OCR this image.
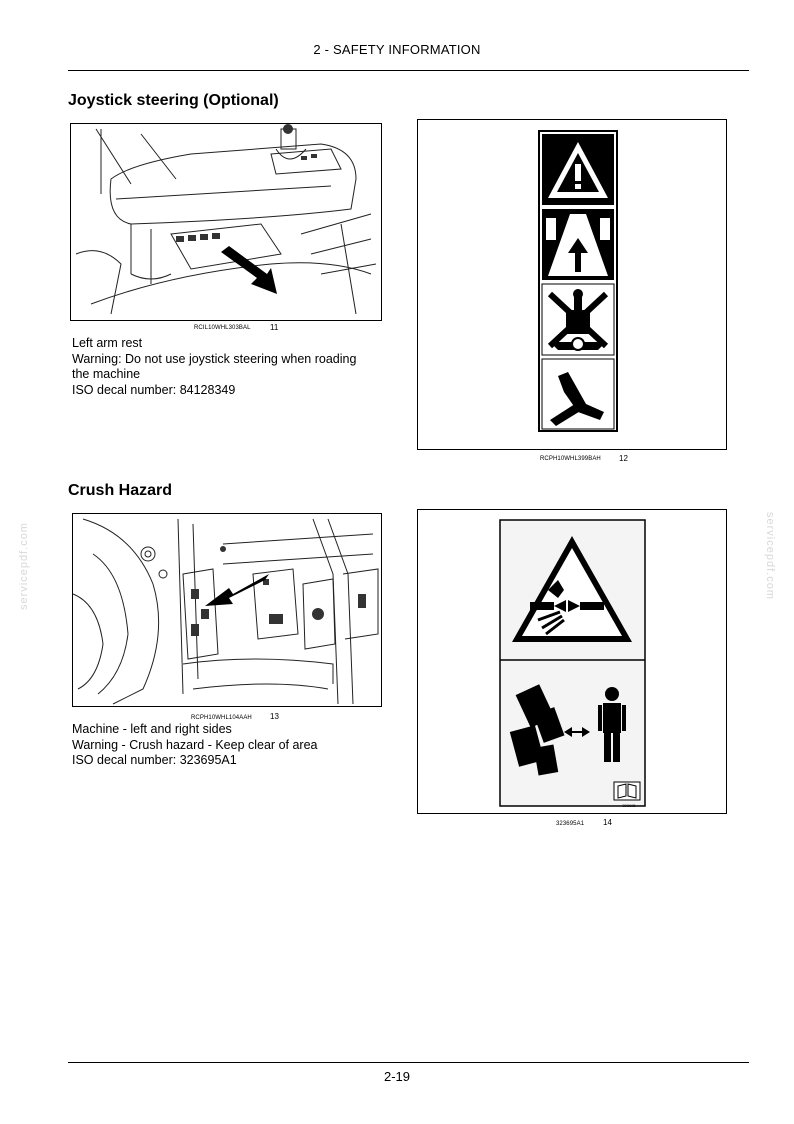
2 - SAFETY INFORMATION
Joystick steering (Optional)
RCIL10WHL303BAL 11
Left arm rest
Warning: Do not use joystick steering when roading
the machine
ISO decal number: 84128349
RCPH10WHL399BAH 12
Crush Hazard
RCPH10WHL104AAH 13
Machine - left and right sides
Warning - Crush hazard - Keep clear of area
ISO decal number: 323695A1
323695
323695A1 14
servicepdf.com	servicepdf.com
2-19
